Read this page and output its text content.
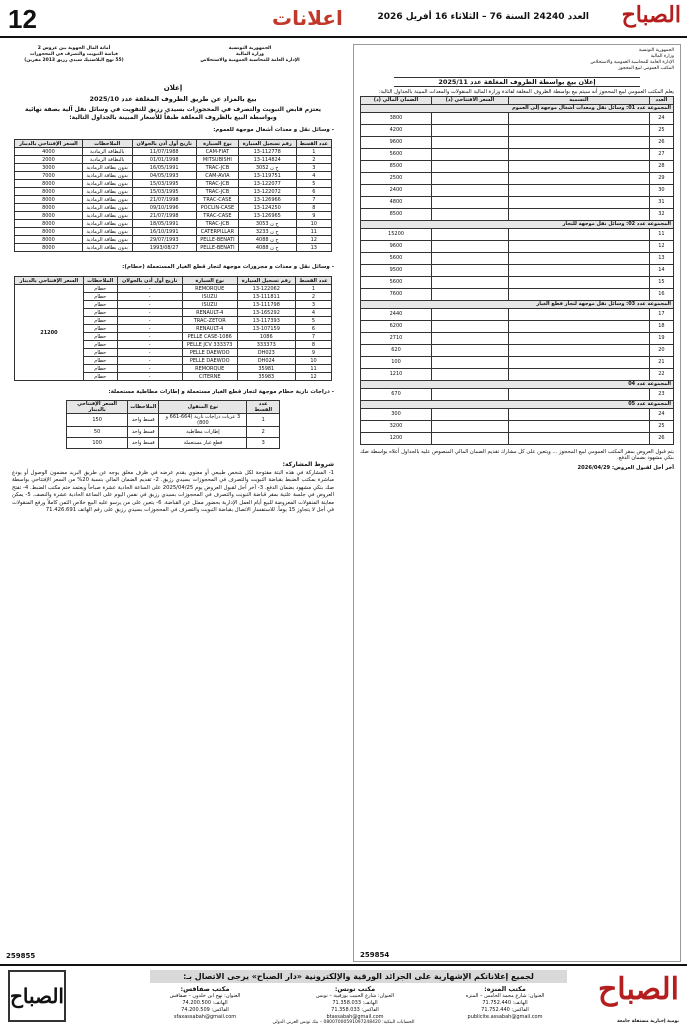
12	اعلانات	العدد 24240 السنة 76 – الثلاثاء 16 أفريل 2026 الصباح
الجمهورية التونسية
وزارة المالية
الإدارة العامة للمحاسبة العمومية والاستخلاص
المكتب العمومي لبيع المحجوز
إعلان بيع بواسطة الظروف المغلقة عدد 2025/11
يعلم المكتب العمومي لبيع المحجوز أنه سيتم بيع بواسطة الظروف المغلقة لفائدة وزارة المالية المنقولات والمعدات المبينة بالجداول التالية:
العدد	التسمية	السعر الافتتاحي (د)	الضمان المالي (د)
المجموعة عدد 01: وسائل نقل ومعدات أشغال موجهة إلى العموم			
24			3800
25			4200
26			9600
27			5600
28			8500
29			2500
30			2400
31			4800
32			8500
المجموعة عدد 02: وسائل نقل موجهة للتجار			
11			15200
12			9600
13			5600
14			9500
15			5600
16			7600
المجموعة عدد 03: وسائل نقل موجهة لتجار قطع الغيار			
17			2440
18			6200
19			2710
20			620
21			100
22			1210
المجموعة عدد 04			
23			670
المجموعة عدد 05			
24			300
25			3200
26			1200
يتم قبول العروض بمقر المكتب العمومي لبيع المحجوز ... ويتعين على كل مشارك تقديم الضمان المالي المنصوص عليه بالجداول أعلاه بواسطة صك بنكي مشهود بضمان الدفع.
آخر أجل لقبول العروض: 2026/04/29
259854
الجمهورية التونسية
وزارة المالية
الإدارة العامة للمحاسبة العمومية والاستخلاص
أمانة المال الجهوية بين عروس 2
قباضة التبويت والتصرف في المحجوزات
(55 نهج البلاستيك سيدي رزيق 2013 مقرين)
إعلان
بيع بالمزاد عن طريق الظروف المغلقة عدد 2025/10
يعتزم قابض التبويت والتصرف في المحجوزات بسيدي رزيق للتفويت في وسائل نقل آلية بصفة نهائية وبواسطة البيع بالظروف المغلقة طبقاً للأسعار المبينة بالجداول التالية:
- وسائل نقل و معدات أشغال موجهة للعموم:
عدد القسط	رقم تسجيل السيارة	نوع السيارة	تاريخ أول أذن بالجولان	الملاحظات	السعر الإفتتاحي بالدينار
1	13-112778	CAM-FIAT	11/07/1988	بالبطاقة الرمادية	4000
2	13-114824	MITSUBISHI	01/01/1998	بالبطاقة الرمادية	2000
3	3052 ح ن	TRAC-JCB	16/05/1991	بدون بطاقة الرمادية	3000
4	13-119751	CAM-AVIA	04/05/1993	بدون بطاقة الرمادية	7000
5	13-122077	TRAC-JCB	15/03/1995	بدون بطاقة الرمادية	8000
6	13-122072	TRAC-JCB	15/03/1995	بدون بطاقة الرمادية	8000
7	13-126966	TRAC-CASE	21/07/1998	بدون بطاقة الرمادية	8000
8	13-124250	POCLIN-CASE	09/10/1996	بدون بطاقة الرمادية	8000
9	13-126965	TRAC-CASE	21/07/1998	بدون بطاقة الرمادية	8000
10	3053 ح ن	TRAC-JCB	18/05/1991	بدون بطاقة الرمادية	8000
11	3233 ح ن	CATERPILLAR	16/10/1991	بدون بطاقة الرمادية	8000
12	4088 ح ن	PELLE-BENATI	29/07/1993	بدون بطاقة الرمادية	8000
13	4088 ح ن	PELLE-BENATI	1993/08/27	بدون بطاقة الرمادية	8000
- وسائل نقل و معدات و مجرورات موجهة لتجار قطع الغيار المستعملة (حطام):
عدد القسط	رقم تسجيل السيارة	نوع السيارة	تاريخ أول أذن بالجولان	الملاحظات	السعر الإفتتاحي بالدينار
1	13-122062	REMORQUE	-	حطام	21200
2	13-111811	ISUZU	-	حطام	
3	13-111798	ISUZU	-	حطام	
4	13-165292	RENAULT-4	-	حطام	
5	13-117393	TRAC-ZETOR	-	حطام	
6	13-107159	RENAULT-4	-	حطام	
7	1086	PELLE CASE-1086	-	حطام	
8	333373	PELLE JCV 333373	-	حطام	
9	DH023	PELLE DAEWOO	-	حطام	
10	DH024	PELLE DAEWOO	-	حطام	
11	35981	REMORQUE	-	حطام	
12	35983	CITERNE	-	حطام	
- دراجات نارية حطام موجهة لتجار قطع الغيار مستعملة و إطارات مطاطية مستعملة:
عدد القسط	نوع المنقول	الملاحظات	السعر الإفتتاحي بالدينار
1	3 عربات دراجات نارية (664-661 و 800)	قسط واحد	150
2	إطارات مطاطية	قسط واحد	50
3	قطع غيار مستعملة	قسط واحد	100
شروط المشاركة:
1- المشاركة في هذه البتة مفتوحة لكل شخص طبيعي أو معنوي يقدم عرضه في ظرف مغلق يوجه عن طريق البريد مضمون الوصول أو يودع مباشرة بمكتب الضبط بقباضة التبويت والتصرف في المحجوزات بسيدي رزيق. 2- تقديم الضمان المالي بنسبة 20% من السعر الإفتتاحي بواسطة صك بنكي مشهود بضمان الدفع. 3- آخر أجل لقبول العروض يوم 2025/04/25 على الساعة الحادية عشرة صباحاً ويعتمد ختم مكتب الضبط. 4- تفتح العروض في جلسة علنية بمقر قباضة التبويت والتصرف في المحجوزات بسيدي رزيق في نفس اليوم على الساعة الحادية عشرة والنصف. 5- يمكن معاينة المنقولات المعروضة للبيع أيام العمل الإدارية بحضور ممثل عن القباضة. 6- يتعين على من يرسو عليه البيع خلاص الثمن كاملاً ورفع المنقولات في أجل لا يتجاوز 15 يوماً. للاستفسار الاتصال بقباضة التبويت والتصرف في المحجوزات بسيدي رزيق على رقم الهاتف 71.426.691
259855
لجميع إعلاناتكم الإشهارية على الجرائد الورقية والإلكترونية «دار الصباح» يرجى الاتصال بـ:	الصباح
يومية إخبارية مستقلة جامعة
الصباح	مكتب المنزه:
العنوان: شارع محمد الخامس – المنزه
الهاتف: 71.752.440
الفاكس: 71.752.440
publicite.assabah@gmail.com
مكتب تونس:
العنوان: شارع الحبيب بورقيبة – تونس
الهاتف: 71.358.033
الفاكس: 71.358.033
btassabah@gmail.com
مكتب صفاقس:
العنوان: نهج ابن خلدون – صفاقس
الهاتف: 74.200.500
الفاكس: 74.200.509
sfaxassabah@gmail.com
الحسابات البنكية: 08007000591097248420 – بنك تونس العربي الدولي
